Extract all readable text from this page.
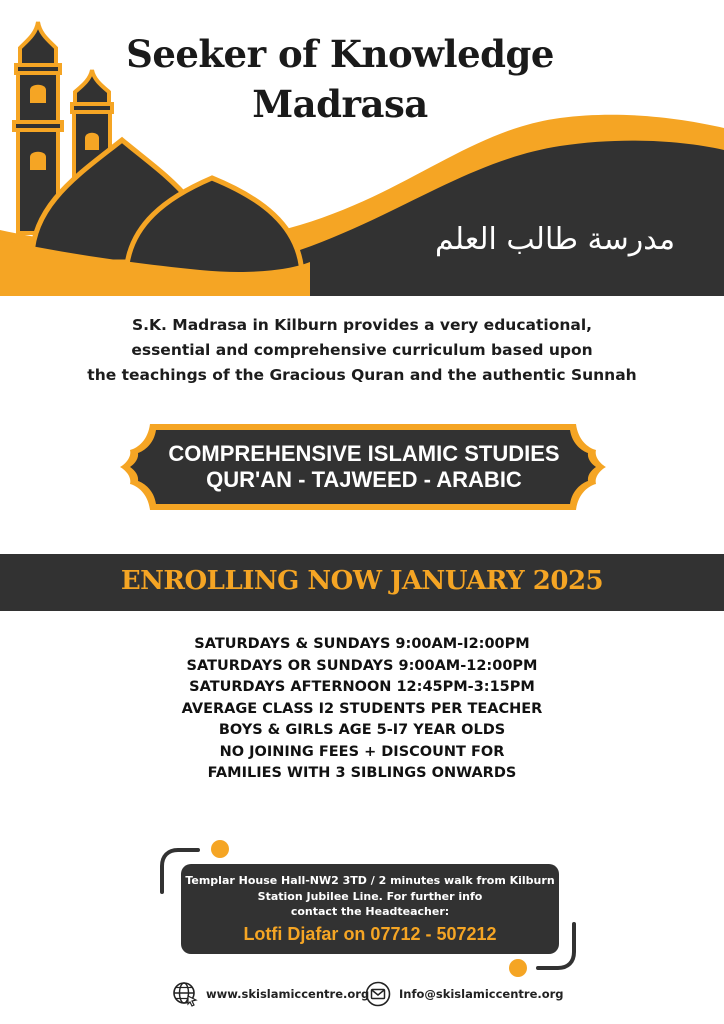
Seeker of Knowledge
Madrasa
مدرسة طالب العلم
S.K. Madrasa in Kilburn provides a very educational,
essential and comprehensive curriculum based upon
the teachings of the Gracious Quran and the authentic Sunnah
COMPREHENSIVE ISLAMIC STUDIES
QUR'AN - TAJWEED - ARABIC
ENROLLING NOW JANUARY 2025
SATURDAYS & SUNDAYS 9:00AM-I2:00PM
SATURDAYS OR SUNDAYS 9:00AM-12:00PM
SATURDAYS AFTERNOON 12:45PM-3:15PM
AVERAGE CLASS I2 STUDENTS PER TEACHER
BOYS & GIRLS AGE 5-I7 YEAR OLDS
NO JOINING FEES + DISCOUNT FOR
FAMILIES WITH 3 SIBLINGS ONWARDS
Templar House Hall-NW2 3TD / 2 minutes walk from Kilburn
Station Jubilee Line. For further info
contact the Headteacher:
Lotfi Djafar on 07712 - 507212
www.skislamiccentre.org	Info@skislamiccentre.org
